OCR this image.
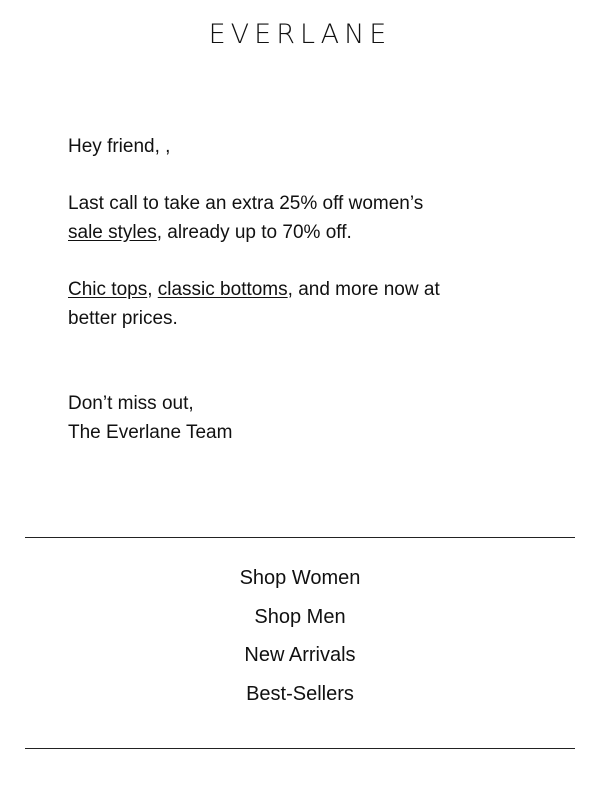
EVERLANE

Hey friend, ,

Last call to take an extra 25% off women’s
sale styles, already up to 70% off.

Chic tops, classic bottoms, and more now at better prices.

Don’t miss out,

The Everlane Team

Shop Women
Shop Men
New Arrivals
Best-Sellers
